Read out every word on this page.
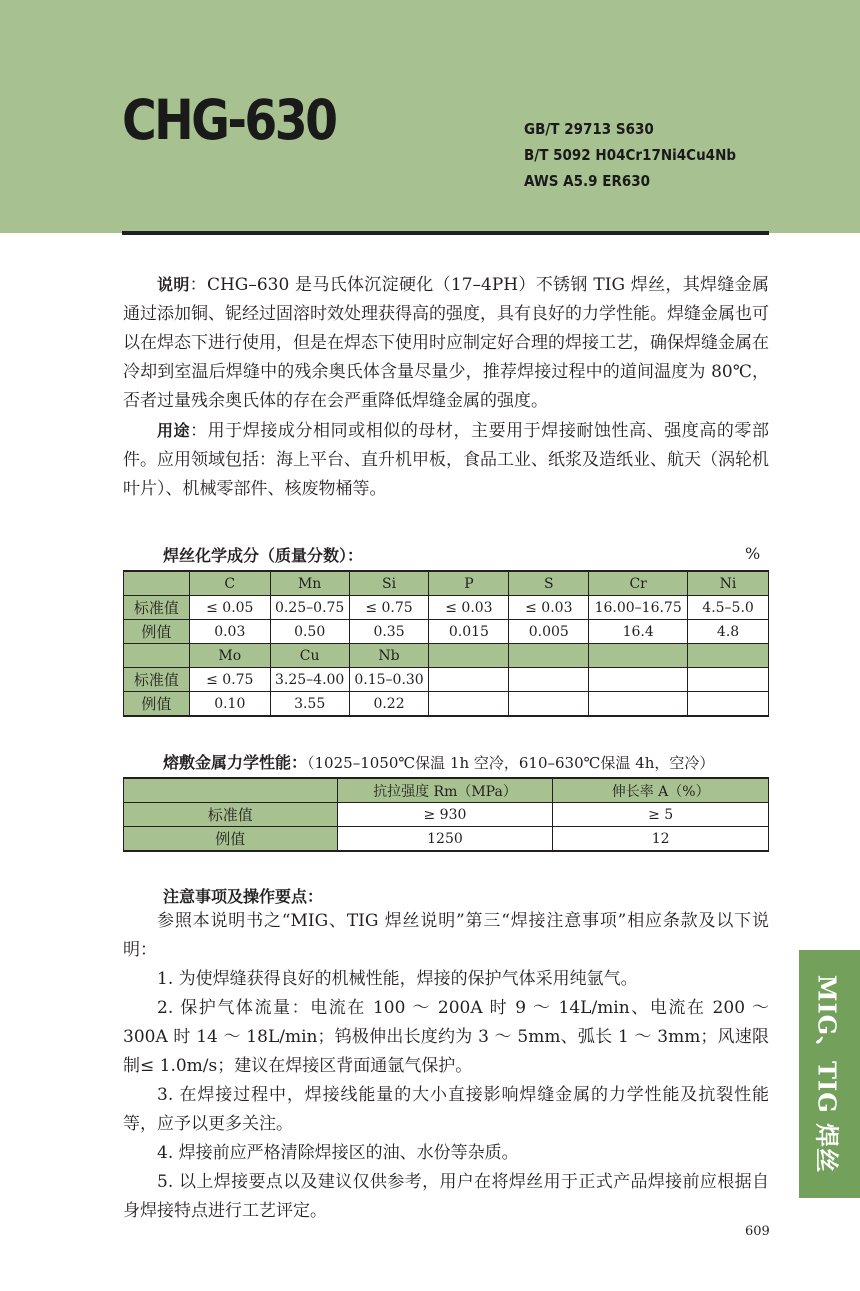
CHG-630	GB/T 29713 S630
B/T 5092 H04Cr17Ni4Cu4Nb
AWS A5.9 ER630

说明：CHG–630 是马氏体沉淀硬化（17–4PH）不锈钢 TIG 焊丝，其焊缝金属通过添加铜、铌经过固溶时效处理获得高的强度，具有良好的力学性能。焊缝金属也可以在焊态下进行使用，但是在焊态下使用时应制定好合理的焊接工艺，确保焊缝金属在冷却到室温后焊缝中的残余奥氏体含量尽量少，推荐焊接过程中的道间温度为 80℃，否者过量残余奥氏体的存在会严重降低焊缝金属的强度。

用途：用于焊接成分相同或相似的母材，主要用于焊接耐蚀性高、强度高的零部件。应用领域包括：海上平台、直升机甲板，食品工业、纸浆及造纸业、航天（涡轮机叶片）、机械零部件、核废物桶等。

焊丝化学成分（质量分数）：	%
	C	Mn	Si	P	S	Cr	Ni
标准值	≤ 0.05	0.25–0.75	≤ 0.75	≤ 0.03	≤ 0.03	16.00–16.75	4.5–5.0
例值	0.03	0.50	0.35	0.015	0.005	16.4	4.8
	Mo	Cu	Nb				
标准值	≤ 0.75	3.25–4.00	0.15–0.30				
例值	0.10	3.55	0.22				
熔敷金属力学性能：（1025–1050℃保温 1h 空冷，610–630℃保温 4h，空冷）
	抗拉强度 Rm（MPa）	伸长率 A（%）
标准值	≥ 930	≥ 5
例值	1250	12
注意事项及操作要点：

参照本说明书之“MIG、TIG 焊丝说明”第三“焊接注意事项”相应条款及以下说明：

1. 为使焊缝获得良好的机械性能，焊接的保护气体采用纯氩气。

2. 保护气体流量：电流在 100 ～ 200A 时 9 ～ 14L/min、电流在 200 ～ 300A 时 14 ～ 18L/min；钨极伸出长度约为 3 ～ 5mm、弧长 1 ～ 3mm；风速限制≤ 1.0m/s；建议在焊接区背面通氩气保护。

3. 在焊接过程中，焊接线能量的大小直接影响焊缝金属的力学性能及抗裂性能等，应予以更多关注。

4. 焊接前应严格清除焊接区的油、水份等杂质。

5. 以上焊接要点以及建议仅供参考，用户在将焊丝用于正式产品焊接前应根据自身焊接特点进行工艺评定。

MIG、TIG 焊丝
609
